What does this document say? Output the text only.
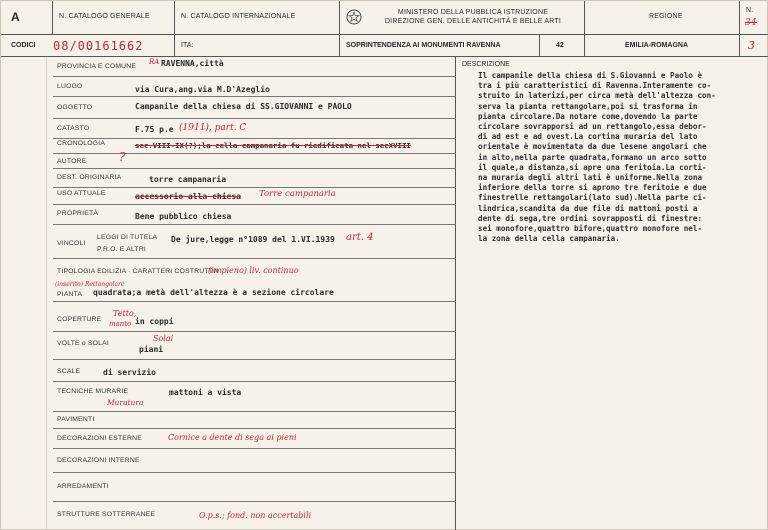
A	N. CATALOGO GENERALE	N. CATALOGO INTERNAZIONALE
MINISTERO DELLA PUBBLICA ISTRUZIONE
DIREZIONE GEN. DELLE ANTICHITÀ E BELLE ARTI
REGIONE
N.
34
CODICI 08/00161662	ITA:	SOPRINTENDENZA AI MONUMENTI RAVENNA	42	EMILIA-ROMAGNA	3
PROVINCIA E COMUNE
RA RAVENNA,città
LUOGO	via Cura,ang.via M.D'Azeglio
OGGETTO	Campanile della chiesa di SS.GIOVANNI e PAOLO
CATASTO	F.75 p.e (1911), part. C
CRONOLOGIA	sec.VIII-IX(?);la cella campanaria fu riedificata nel secXVIII
AUTORE	?
DEST. ORIGINARIA	torre campanaria
USO ATTUALE	accessorio alla chiesa Torre campanaria
PROPRIETÀ	Bene pubblico chiesa
VINCOLI
LEGGI DI TUTELA
P.R.O. E ALTRI
De jure,legge n°1089 del 1.VI.1939 art. 4
TIPOLOGIA EDILIZIA · CARATTERI COSTRUTTIVI
(in pieno) liv. continuo
(inserito) Rettangolare
PIANTA quadrata;a metà dell'altezza è a sezione circolare
COPERTURE
Tetto,
manto in coppi
VOLTE o SOLAI
Solai
piani
SCALE	di servizio
TECNICHE MURARIE
Muratura
mattoni a vista
PAVIMENTI
DECORAZIONI ESTERNE	Cornice a dente di sega ai pieni
DECORAZIONI INTERNE
ARREDAMENTI
STRUTTURE SOTTERRANEE	O.p.s.; fond. non accertabili
DESCRIZIONE
Il campanile della chiesa di S.Giovanni e Paolo è
tra i più caratteristici di Ravenna.Interamente co-
struito in laterizi,per circa metà dell'altezza con-
serva la pianta rettangolare,poi si trasforma in
pianta circolare.Da notare come,dovendo la parte
circolare sovrapporsi ad un rettangolo,essa debor-
di ad est e ad ovest.La cortina muraria del lato
orientale è movimentata da due lesene angolari che
in alto,nella parte quadrata,formano un arco sotto
il quale,a distanza,si apre una feritoia.La corti-
na muraria degli altri lati è uniforme.Nella zona
inferiore della torre si aprono tre feritoie e due
finestrelle rettangolari(lato sud).Nella parte ci-
lindrica,scandita da due file di mattoni posti a
dente di sega,tre ordini sovrapposti di finestre:
sei monofore,quattro bifore,quattro monofore nel-
la zona della cella campanaria.
